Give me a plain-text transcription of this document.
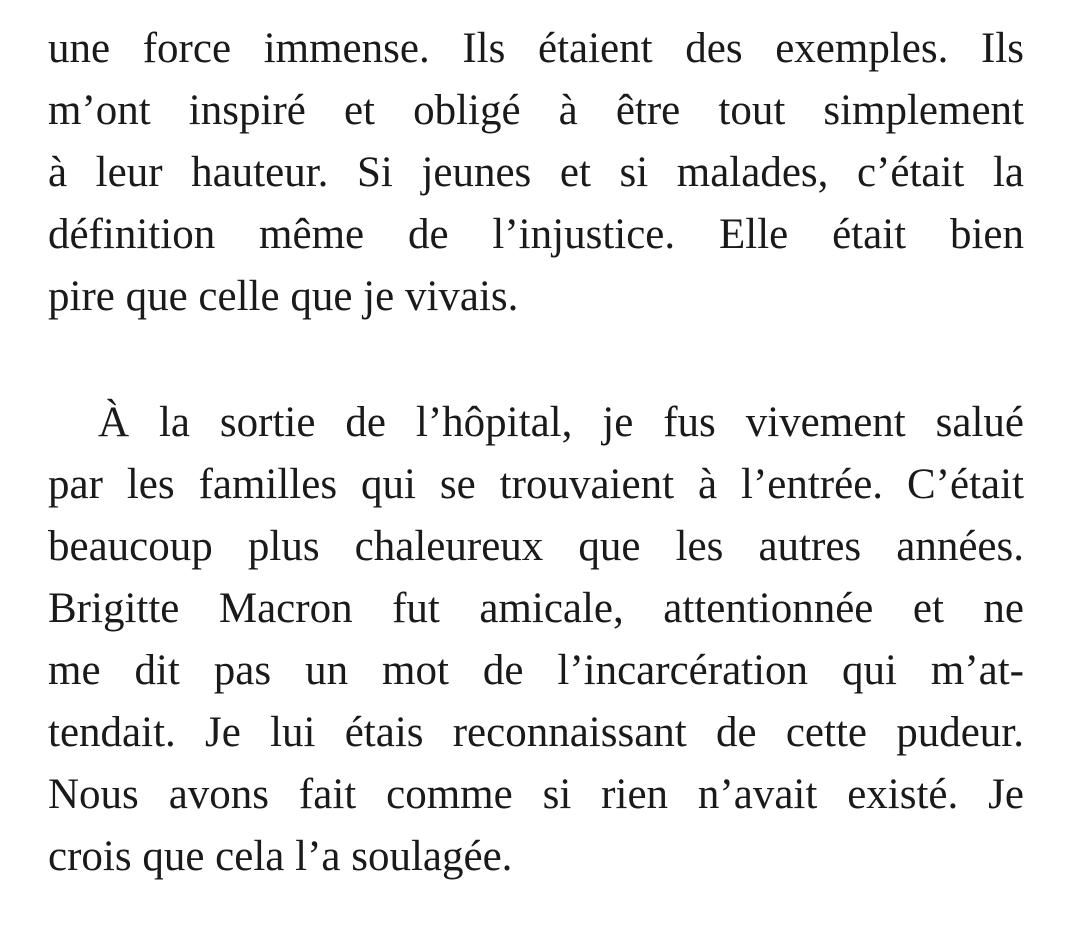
une force immense. Ils étaient des exemples. Ils
m’ont inspiré et obligé à être tout simplement
à leur hauteur. Si jeunes et si malades, c’était la
définition même de l’injustice. Elle était bien
pire que celle que je vivais.
À la sortie de l’hôpital, je fus vivement salué
par les familles qui se trouvaient à l’entrée. C’était
beaucoup plus chaleureux que les autres années.
Brigitte Macron fut amicale, attentionnée et ne
me dit pas un mot de l’incarcération qui m’at-
tendait. Je lui étais reconnaissant de cette pudeur.
Nous avons fait comme si rien n’avait existé. Je
crois que cela l’a soulagée.
